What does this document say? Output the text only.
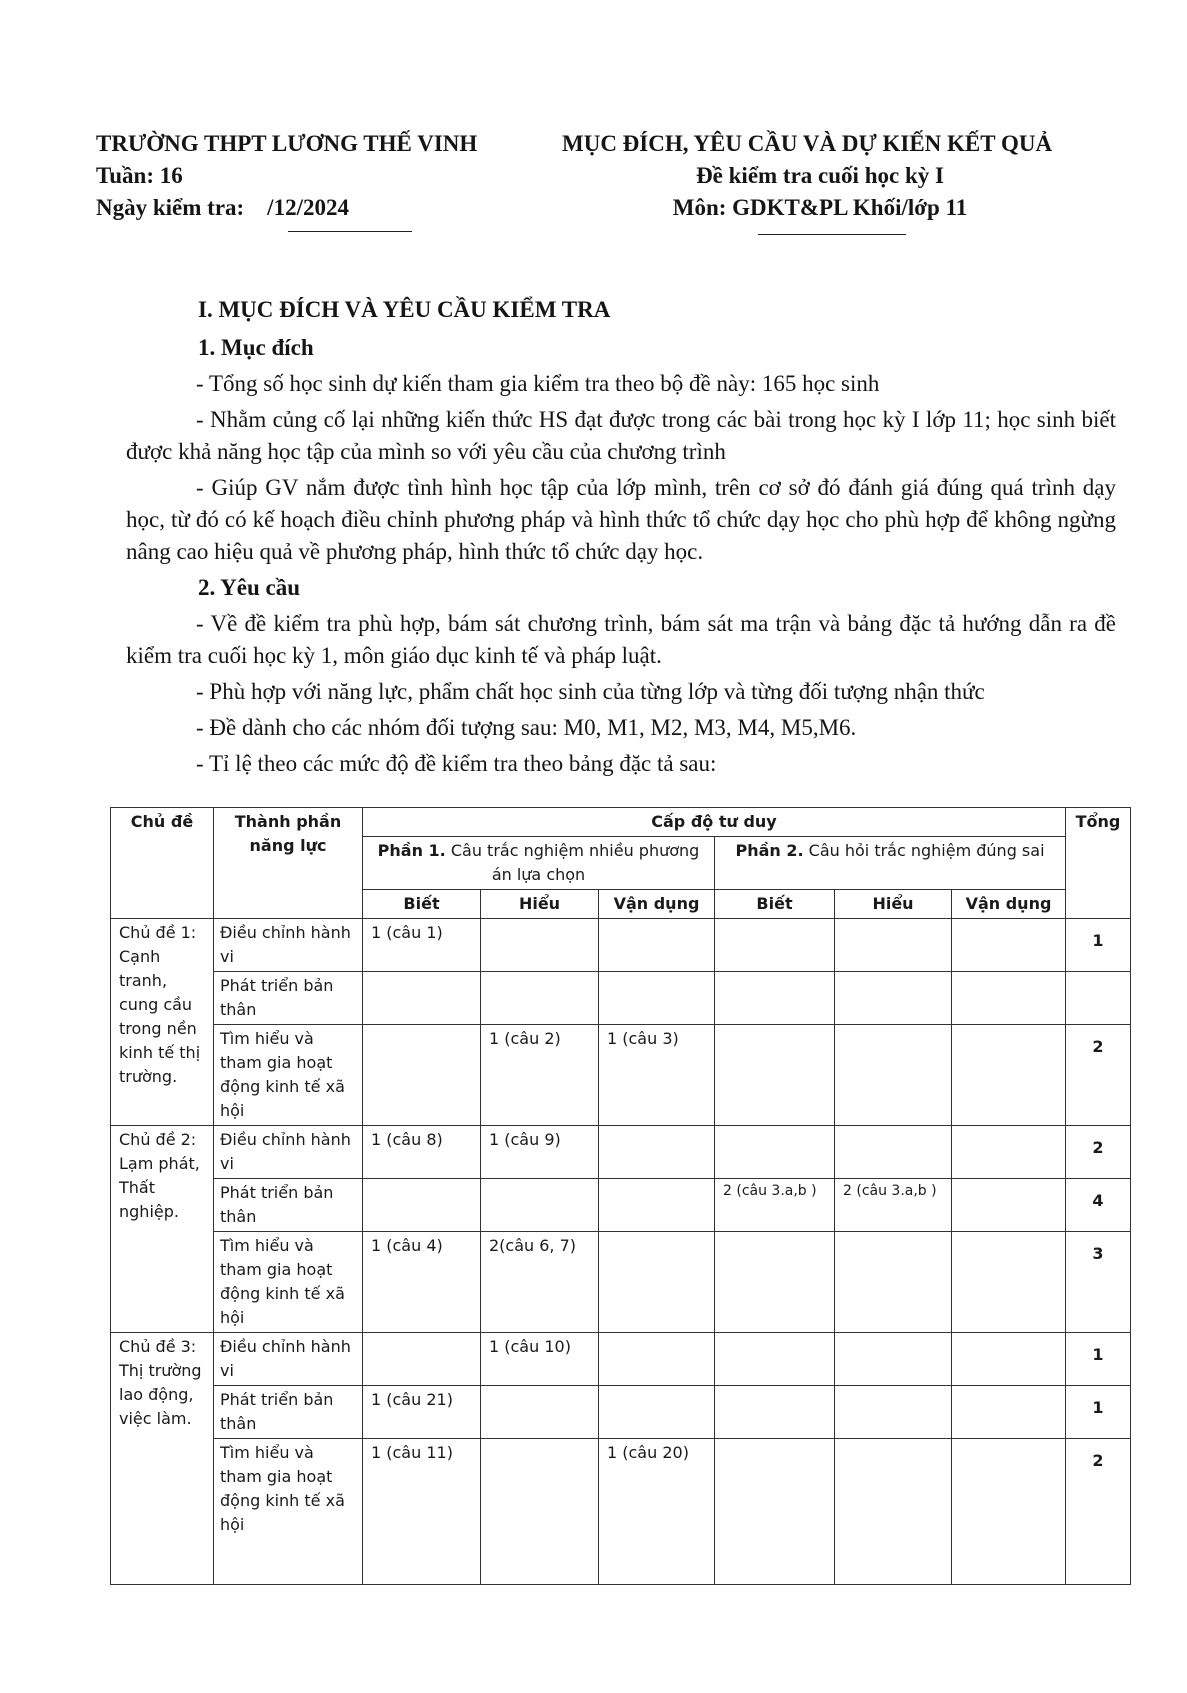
TRƯỜNG THPT LƯƠNG THẾ VINH
Tuần: 16
Ngày kiểm tra:    /12/2024
MỤC ĐÍCH, YÊU CẦU VÀ DỰ KIẾN KẾT QUẢ
Đề kiểm tra cuối học kỳ I
Môn: GDKT&PL Khối/lớp 11
I. MỤC ĐÍCH VÀ YÊU CẦU KIỂM TRA
1. Mục đích
- Tổng số học sinh dự kiến tham gia kiểm tra theo bộ đề này: 165 học sinh
- Nhằm củng cố lại những kiến thức HS đạt được trong các bài trong học kỳ I lớp 11; học sinh biết được khả năng học tập của mình so với yêu cầu của chương trình
- Giúp GV nắm được tình hình học tập của lớp mình, trên cơ sở đó đánh giá đúng quá trình dạy học, từ đó có kế hoạch điều chỉnh phương pháp và hình thức tổ chức dạy học cho phù hợp để không ngừng nâng cao hiệu quả về phương pháp, hình thức tổ chức dạy học.
2. Yêu cầu
- Về đề kiểm tra phù hợp, bám sát chương trình, bám sát ma trận và bảng đặc tả hướng dẫn ra đề kiểm tra cuối học kỳ 1, môn giáo dục kinh tế và pháp luật.
- Phù hợp với năng lực, phẩm chất học sinh của từng lớp và từng đối tượng nhận thức
- Đề dành cho các nhóm đối tượng sau: M0, M1, M2, M3, M4, M5,M6.
- Tỉ lệ theo các mức độ đề kiểm tra theo bảng đặc tả sau:
Chủ đề	Thành phần năng lực	Cấp độ tư duy						Tổng
		Phần 1. Câu trắc nghiệm nhiều phương án lựa chọn			Phần 2. Câu hỏi trắc nghiệm đúng sai			
		Biết	Hiểu	Vận dụng	Biết	Hiểu	Vận dụng	
Chủ đề 1: Cạnh tranh, cung cầu trong nền kinh tế thị trường.	Điều chỉnh hành vi	1 (câu 1)						1
	Phát triển bản thân							
	Tìm hiểu và tham gia hoạt động kinh tế xã hội		1 (câu 2)	1 (câu 3)				2
Chủ đề 2: Lạm phát, Thất nghiệp.	Điều chỉnh hành vi	1 (câu 8)	1 (câu 9)					2
	Phát triển bản thân				2 (câu 3.a,b )	2 (câu 3.a,b )		4
	Tìm hiểu và tham gia hoạt động kinh tế xã hội	1 (câu 4)	2(câu 6, 7)					3
Chủ đề 3: Thị trường lao động, việc làm.	Điều chỉnh hành vi		1 (câu 10)					1
	Phát triển bản thân	1 (câu 21)						1
	Tìm hiểu và tham gia hoạt động kinh tế xã hội	1 (câu 11)		1 (câu 20)				2
